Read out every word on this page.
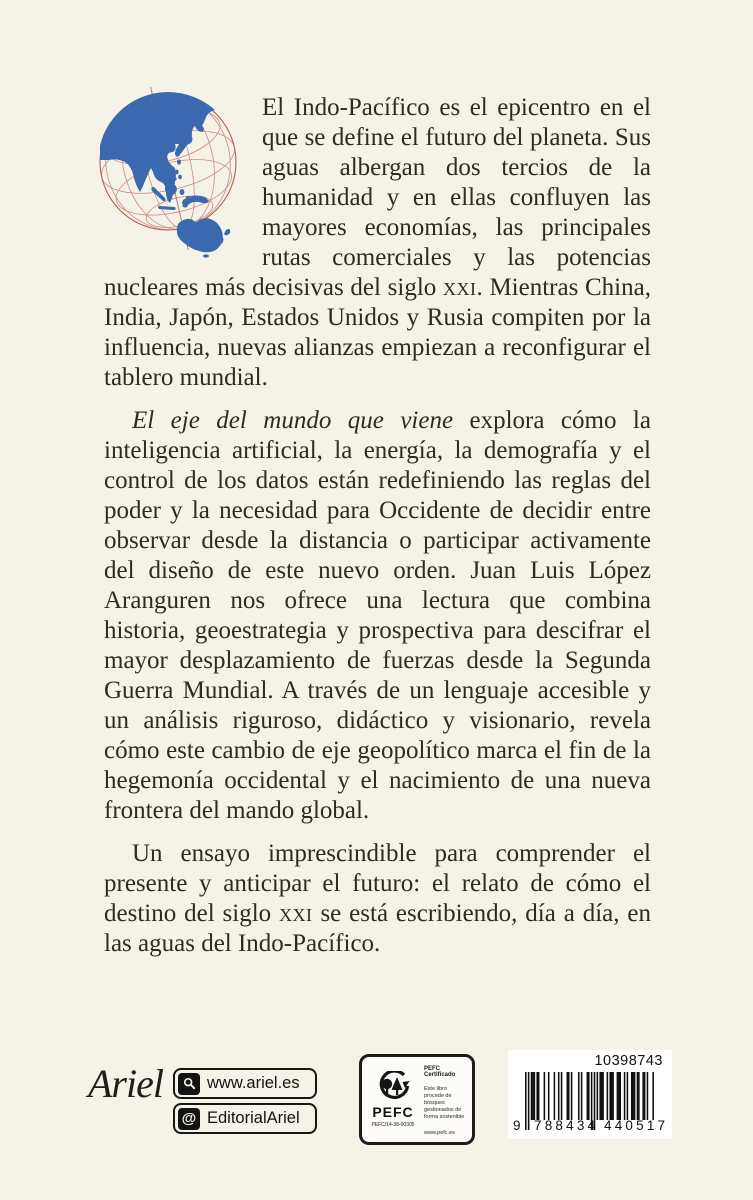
El Indo-Pacífico es el epicentro en el que se define el futuro del planeta. Sus aguas albergan dos tercios de la humanidad y en ellas confluyen las mayores economías, las principales rutas comerciales y las potencias nucleares más decisivas del siglo xxi. Mientras China, India, Japón, Estados Unidos y Rusia compiten por la influencia, nuevas alianzas empiezan a reconfigurar el tablero mundial.

El eje del mundo que viene explora cómo la inteligencia artificial, la energía, la demografía y el control de los datos están redefiniendo las reglas del poder y la necesidad para Occidente de decidir entre observar desde la distancia o participar activamente del diseño de este nuevo orden. Juan Luis López Aranguren nos ofrece una lectura que combina historia, geoestrategia y prospectiva para descifrar el mayor desplazamiento de fuerzas desde la Segunda Guerra Mundial. A través de un lenguaje accesible y un análisis riguroso, didáctico y visionario, revela cómo este cambio de eje geopolítico marca el fin de la hegemonía occidental y el nacimiento de una nueva frontera del mando global.

Un ensayo imprescindible para comprender el presente y anticipar el futuro: el relato de cómo el destino del siglo xxi se está escribiendo, día a día, en las aguas del Indo-Pacífico.

Ariel	www.ariel.es
@ EditorialAriel	PEFC
PEFC/14-38-00305
PEFC Certificado
Este libro procede de bosques gestionados de forma sostenible
www.pefc.es
10398743
9 788434 440517
